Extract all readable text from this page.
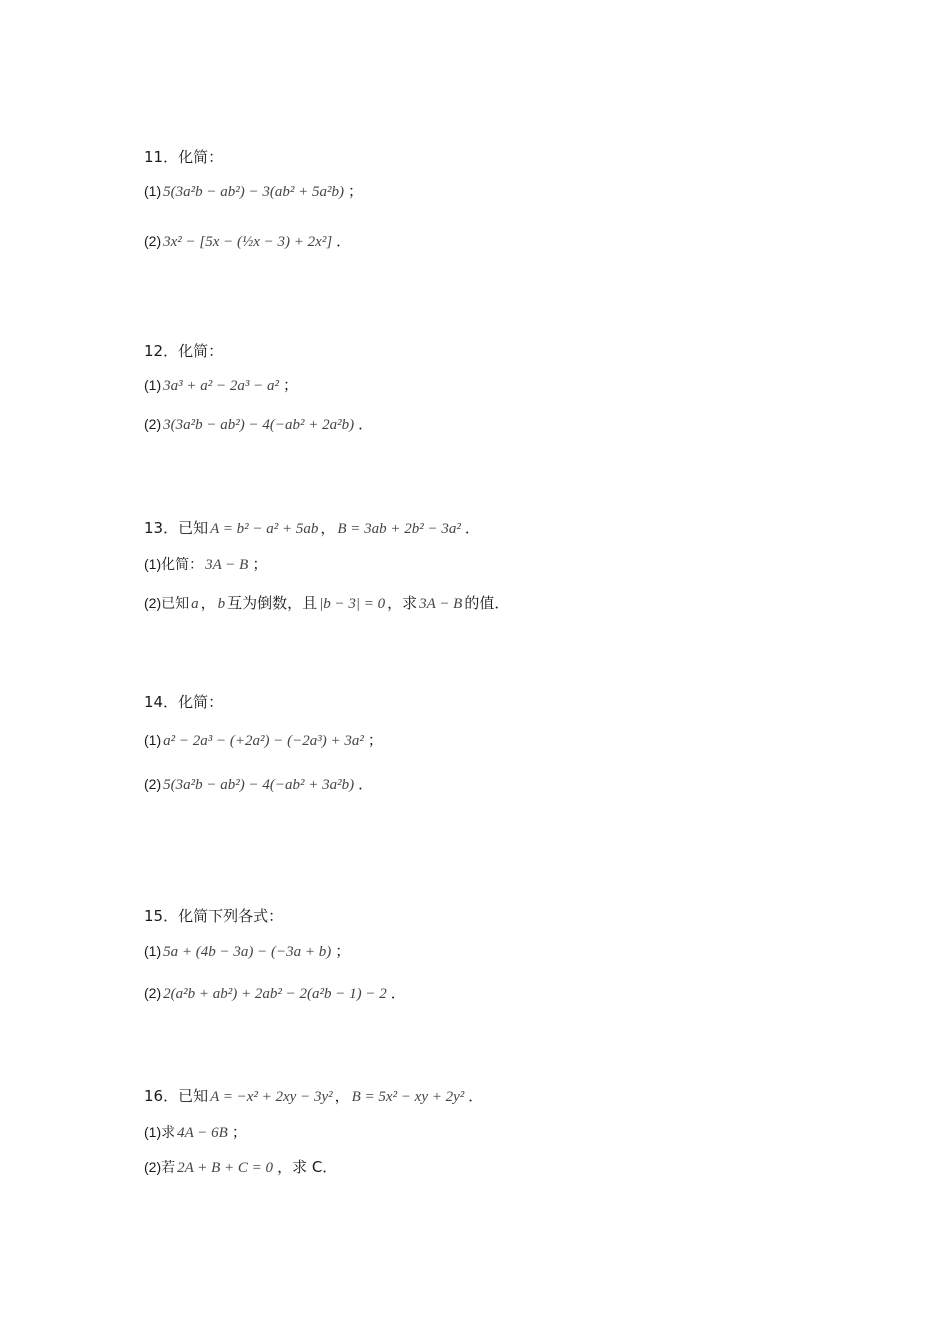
11．化简：
(1) 5(3a²b − ab²) − 3(ab² + 5a²b) ；
(2) 3x² − [5x − (½x − 3) + 2x²] ．
12．化简：
(1) 3a³ + a² − 2a³ − a² ；
(2) 3(3a²b − ab²) − 4(−ab² + 2a²b) ．
13．已知 A = b² − a² + 5ab ， B = 3ab + 2b² − 3a² ．
(1)化简： 3A − B ；
(2)已知 a ， b 互为倒数，且 |b − 3| = 0 ，求 3A − B 的值．
14．化简：
(1) a² − 2a³ − (+2a²) − (−2a³) + 3a² ；
(2) 5(3a²b − ab²) − 4(−ab² + 3a²b) ．
15．化简下列各式：
(1) 5a + (4b − 3a) − (−3a + b) ；
(2) 2(a²b + ab²) + 2ab² − 2(a²b − 1) − 2 ．
16．已知 A = −x² + 2xy − 3y² ， B = 5x² − xy + 2y² ．
(1)求 4A − 6B ；
(2)若 2A + B + C = 0 ，求 C．
